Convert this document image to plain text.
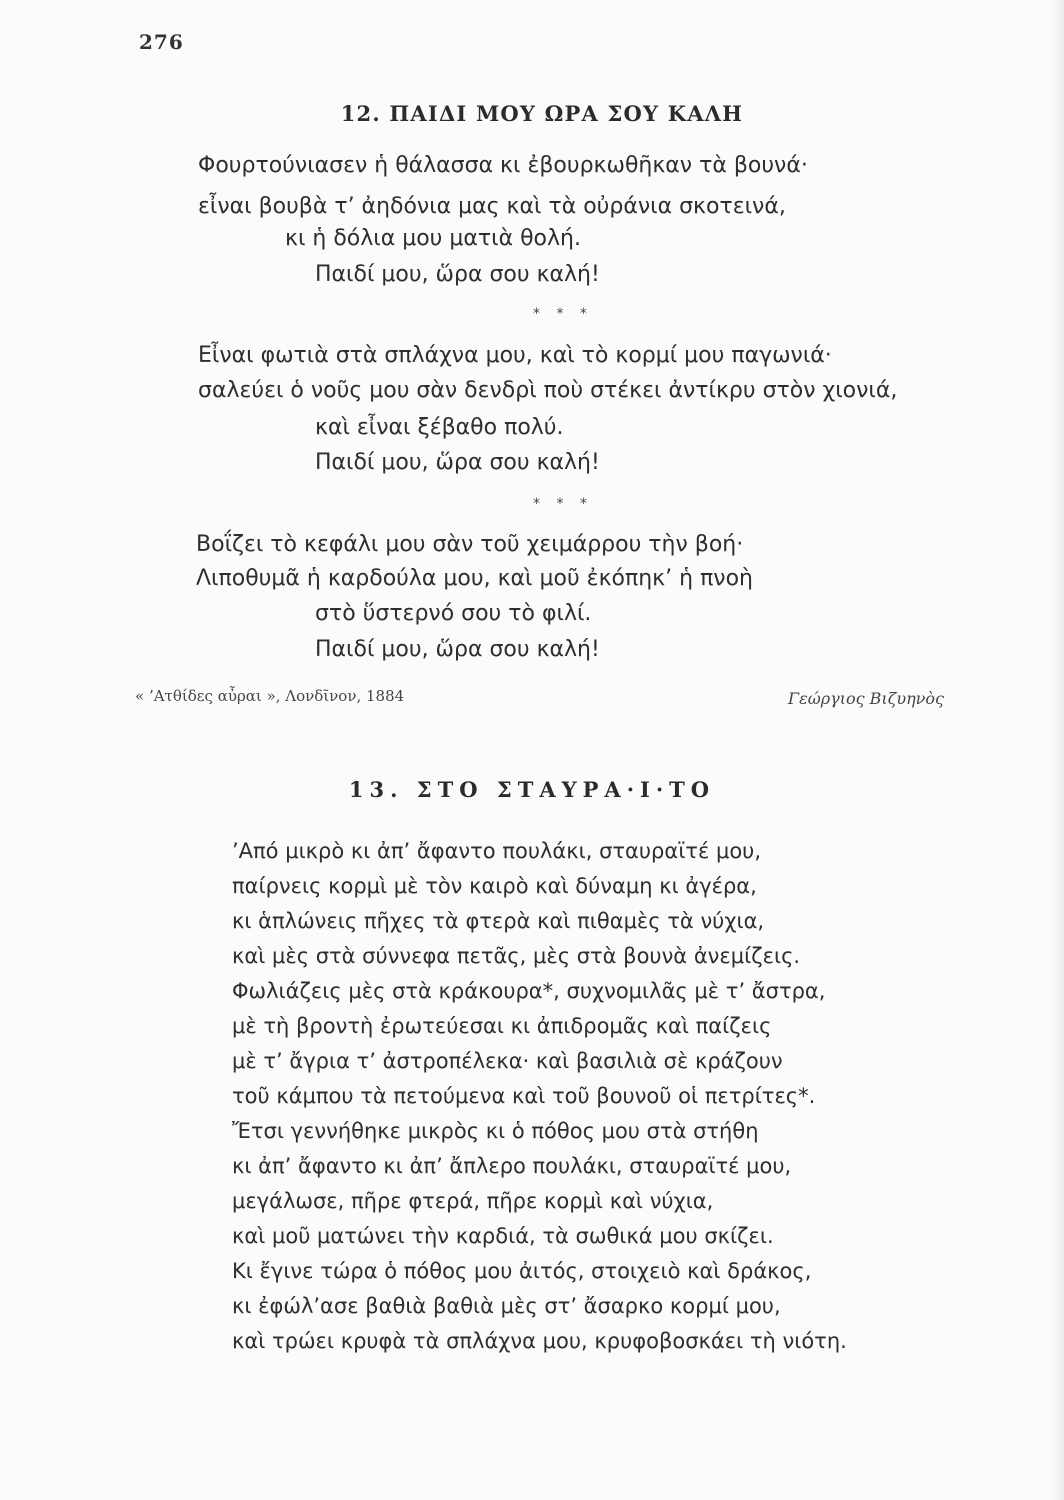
276
12. ΠΑΙΔΙ ΜΟΥ ΩΡΑ ΣΟΥ ΚΑΛΗ
Φουρτούνιασεν ἡ θάλασσα κι ἐβουρκωθῆκαν τὰ βουνά·
εἶναι βουβὰ τ’ ἀηδόνια μας καὶ τὰ οὐράνια σκοτεινά,
κι ἡ δόλια μου ματιὰ θολή.
Παιδί μου, ὥρα σου καλή!
* * *
Εἶναι φωτιὰ στὰ σπλάχνα μου, καὶ τὸ κορμί μου παγωνιά·
σαλεύει ὁ νοῦς μου σὰν δενδρὶ ποὺ στέκει ἀντίκρυ στὸν χιονιά,
καὶ εἶναι ξέβαθο πολύ.
Παιδί μου, ὥρα σου καλή!
* * *
Βοΐζει τὸ κεφάλι μου σὰν τοῦ χειμάρρου τὴν βοή·
Λιποθυμᾶ ἡ καρδούλα μου, καὶ μοῦ ἐκόπηκ’ ἡ πνοὴ
στὸ ὕστερνό σου τὸ φιλί.
Παιδί μου, ὥρα σου καλή!
« ’Ατθίδες αὖραι », Λονδῖνον, 1884	Γεώργιος Βιζυηνὸς
13. ΣΤΟ ΣΤΑΥΡΑ·Ι·ΤΟ
’Από μικρὸ κι ἀπ’ ἄφαντο πουλάκι, σταυραϊτέ μου,
παίρνεις κορμὶ μὲ τὸν καιρὸ καὶ δύναμη κι ἀγέρα,
κι ἁπλώνεις πῆχες τὰ φτερὰ καὶ πιθαμὲς τὰ νύχια,
καὶ μὲς στὰ σύννεφα πετᾶς, μὲς στὰ βουνὰ ἀνεμίζεις.
Φωλιάζεις μὲς στὰ κράκουρα*, συχνομιλᾶς μὲ τ’ ἄστρα,
μὲ τὴ βροντὴ ἐρωτεύεσαι κι ἀπιδρομᾶς καὶ παίζεις
μὲ τ’ ἄγρια τ’ ἀστροπέλεκα· καὶ βασιλιὰ σὲ κράζουν
τοῦ κάμπου τὰ πετούμενα καὶ τοῦ βουνοῦ οἱ πετρίτες*.
Ἔτσι γεννήθηκε μικρὸς κι ὁ πόθος μου στὰ στήθη
κι ἀπ’ ἄφαντο κι ἀπ’ ἄπλερο πουλάκι, σταυραϊτέ μου,
μεγάλωσε, πῆρε φτερά, πῆρε κορμὶ καὶ νύχια,
καὶ μοῦ ματώνει τὴν καρδιά, τὰ σωθικά μου σκίζει.
Κι ἔγινε τώρα ὁ πόθος μου ἀιτός, στοιχειὸ καὶ δράκος,
κι ἐφώλ’ασε βαθιὰ βαθιὰ μὲς στ’ ἄσαρκο κορμί μου,
καὶ τρώει κρυφὰ τὰ σπλάχνα μου, κρυφοβοσκάει τὴ νιότη.
